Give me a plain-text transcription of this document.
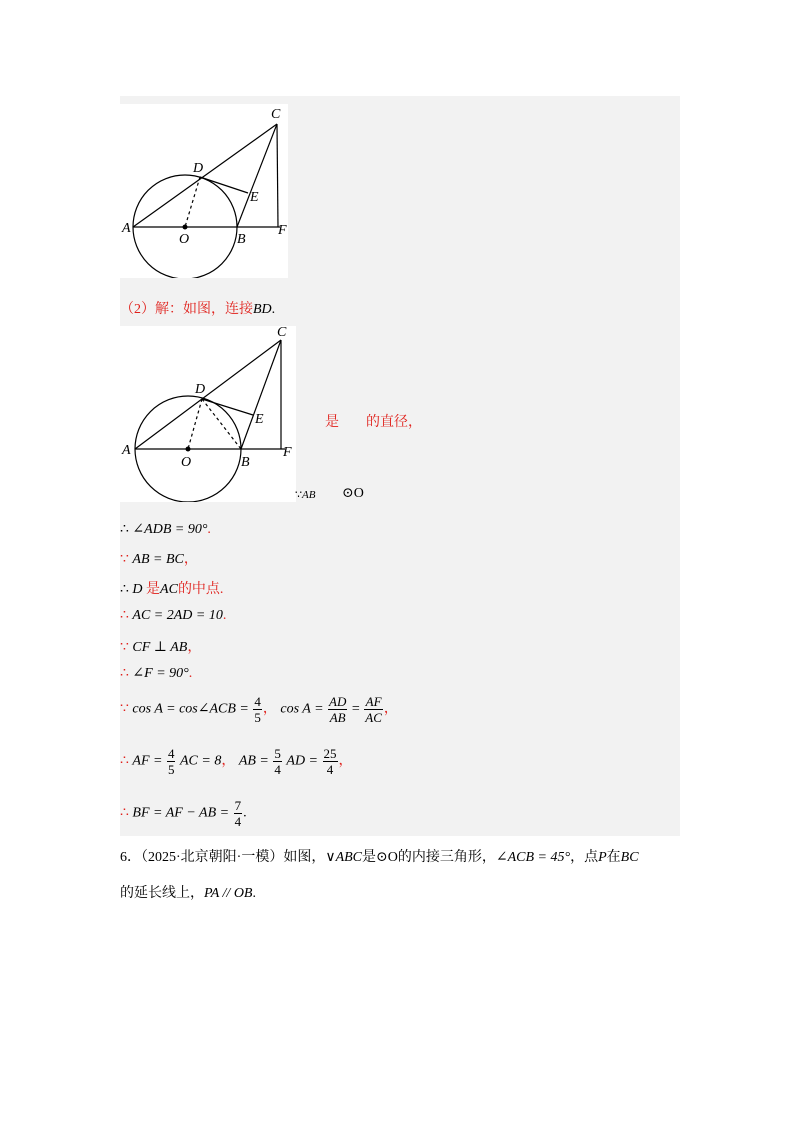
C
D
E
A
O	B
F
（2）解：如图，连接BD.
C
D
E
A
O	B
F
是 的直径，
∵AB ⊙O
∴ ∠ADB = 90°.
∵ AB = BC，
∴ D 是AC的中点.
∴ AC = 2AD = 10.
∵ CF ⊥ AB，
∴ ∠F = 90°.
∵ cos A = cos∠ACB = $\frac{4}{5}$ ， $\cos A = \frac{AD}{AB} = \frac{AF}{AC}$ ，
∴ AF = $\frac{4}{5}$ AC = 8， AB = $\frac{5}{4}$ AD = $\frac{25}{4}$ ，
∴ BF = AF − AB = $\frac{7}{4}$ .
6．（2025·北京朝阳·一模）如图，∨ABC是⊙O的内接三角形，∠ACB = 45°，点P在BC
的延长线上，PA // OB.
